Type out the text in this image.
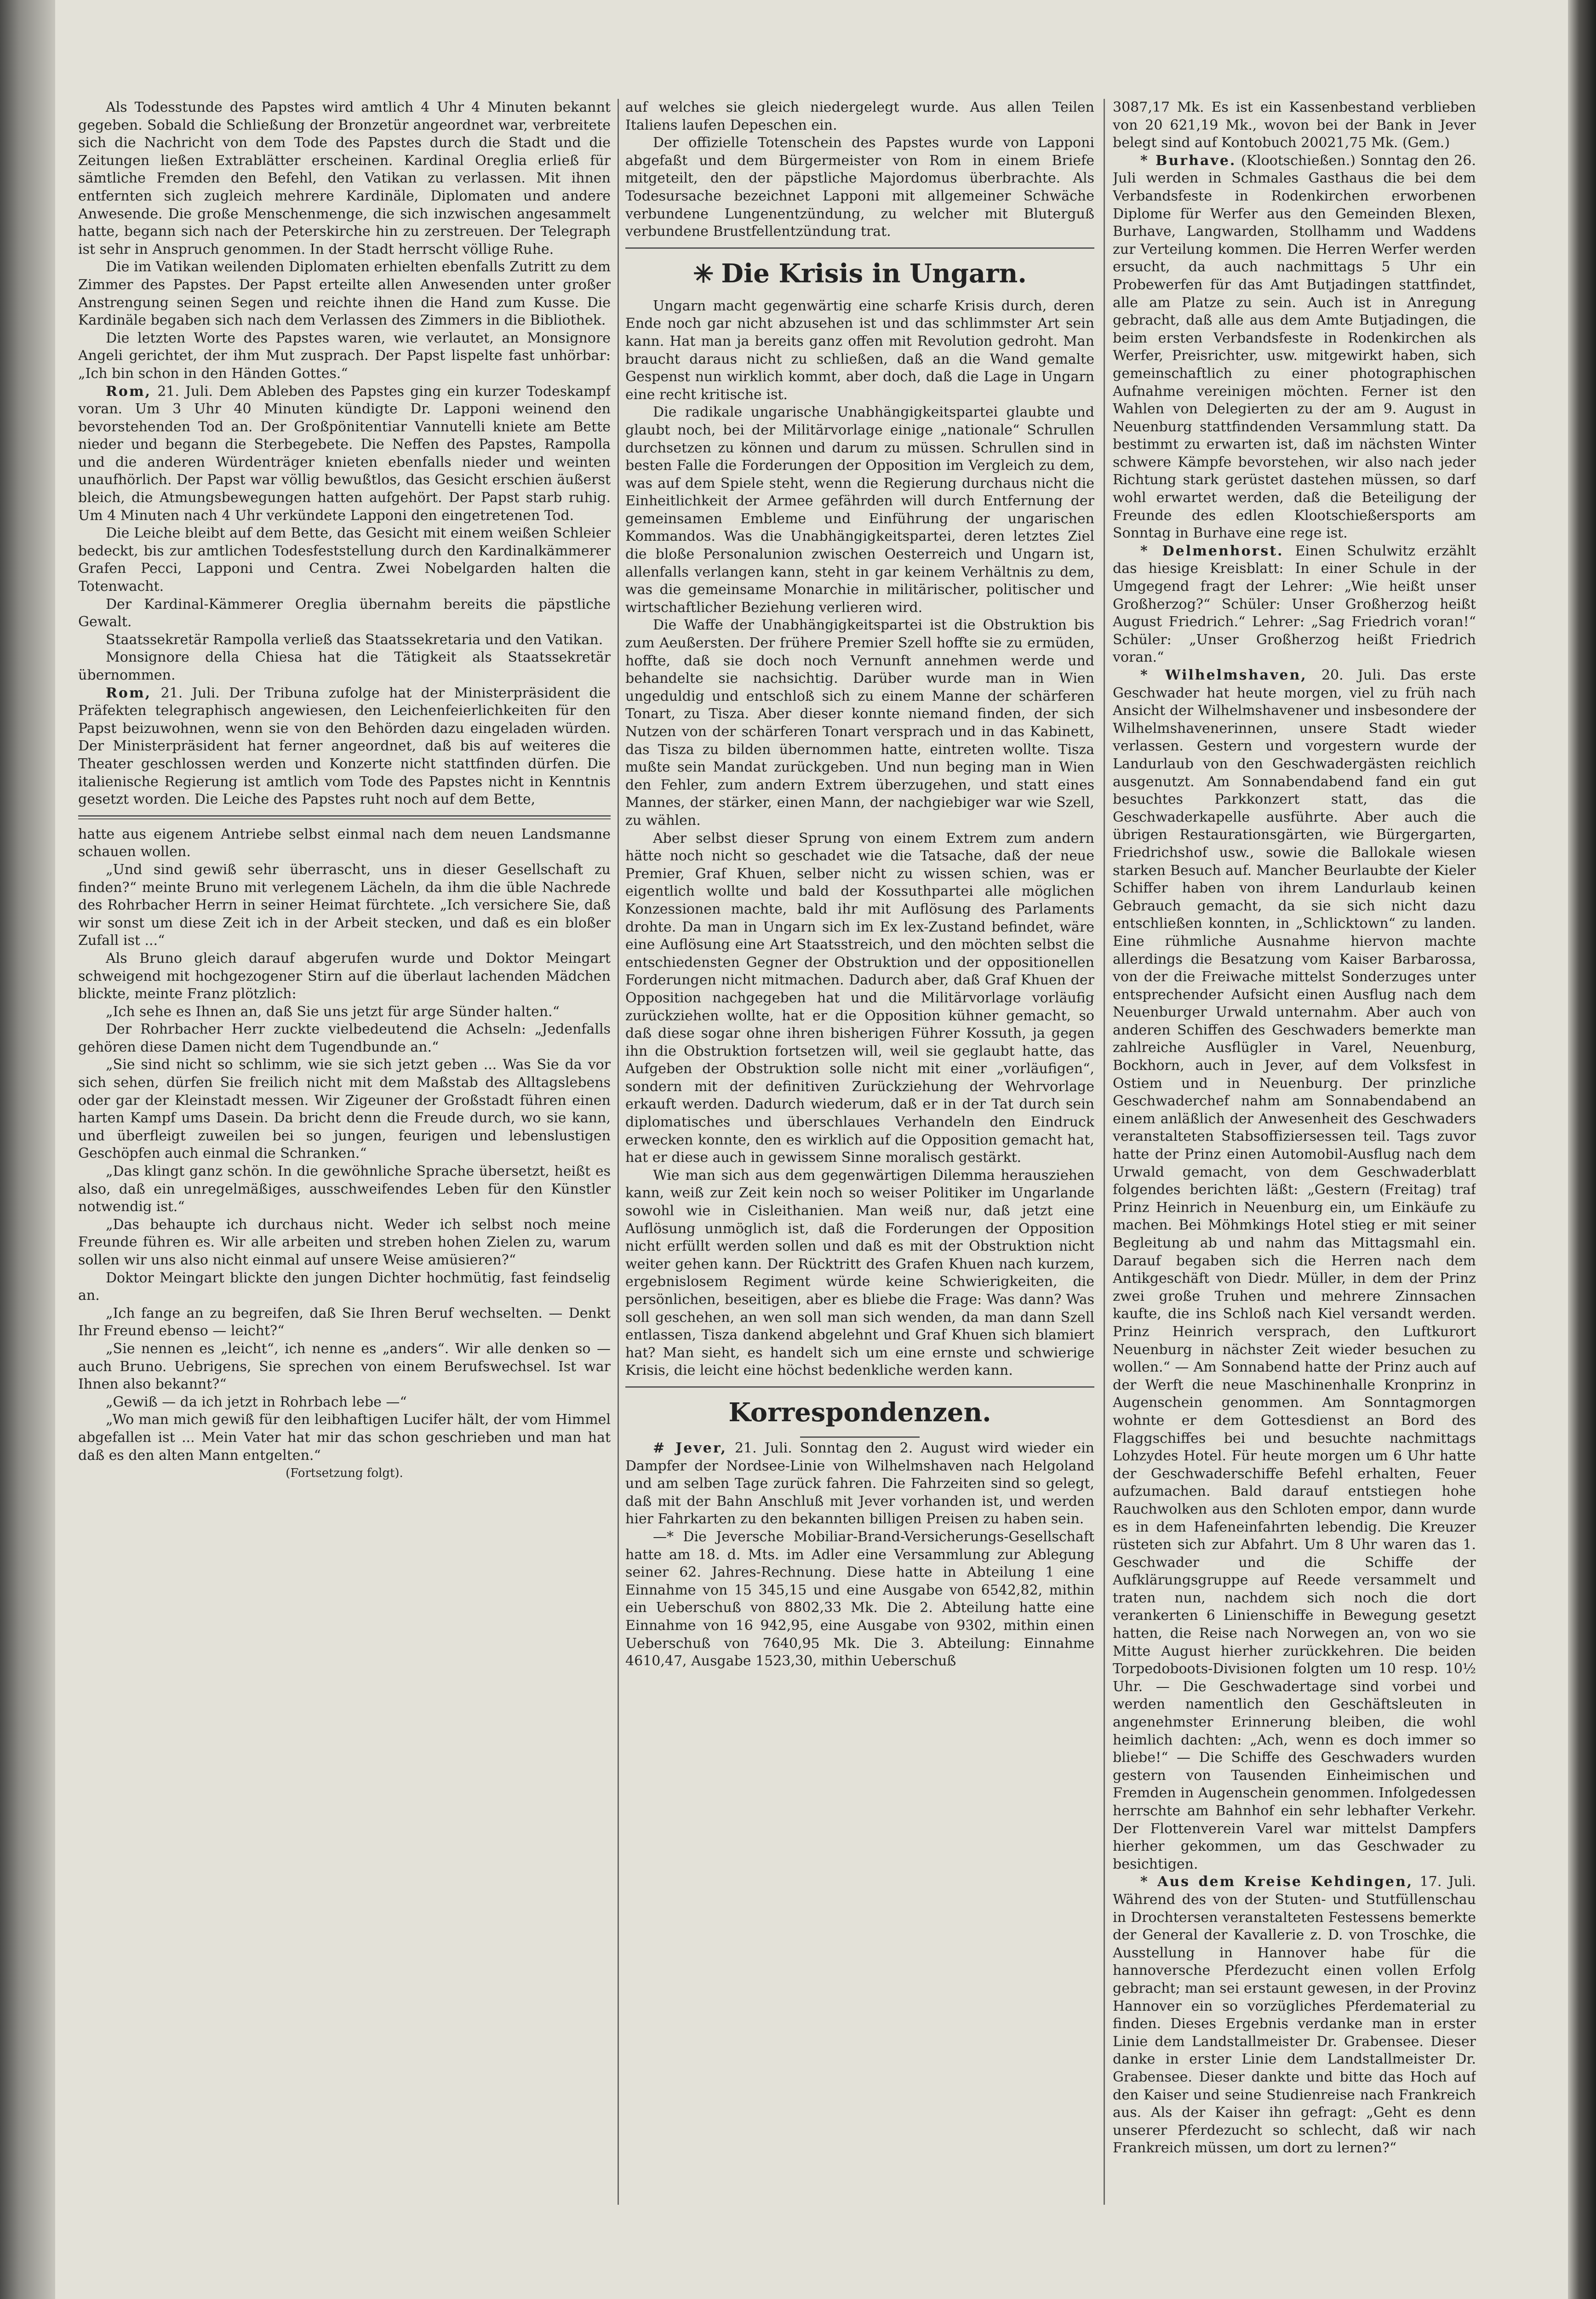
Als Todesstunde des Papstes wird amtlich 4 Uhr 4 Minuten bekannt gegeben. Sobald die Schließung der Bronzetür angeordnet war, verbreitete sich die Nachricht von dem Tode des Papstes durch die Stadt und die Zeitungen ließen Extrablätter erscheinen. Kardinal Oreglia erließ für sämtliche Fremden den Befehl, den Vatikan zu verlassen. Mit ihnen entfernten sich zugleich mehrere Kardinäle, Diplomaten und andere Anwesende. Die große Menschenmenge, die sich inzwischen angesammelt hatte, begann sich nach der Peterskirche hin zu zerstreuen. Der Telegraph ist sehr in Anspruch genommen. In der Stadt herrscht völlige Ruhe.

Die im Vatikan weilenden Diplomaten erhielten ebenfalls Zutritt zu dem Zimmer des Papstes. Der Papst erteilte allen Anwesenden unter großer Anstrengung seinen Segen und reichte ihnen die Hand zum Kusse. Die Kardinäle begaben sich nach dem Verlassen des Zimmers in die Bibliothek.

Die letzten Worte des Papstes waren, wie verlautet, an Monsignore Angeli gerichtet, der ihm Mut zusprach. Der Papst lispelte fast unhörbar: „Ich bin schon in den Händen Gottes.“

Rom, 21. Juli. Dem Ableben des Papstes ging ein kurzer Todeskampf voran. Um 3 Uhr 40 Minuten kündigte Dr. Lapponi weinend den bevorstehenden Tod an. Der Großpönitentiar Vannutelli kniete am Bette nieder und begann die Sterbegebete. Die Neffen des Papstes, Rampolla und die anderen Würdenträger knieten ebenfalls nieder und weinten unaufhörlich. Der Papst war völlig bewußtlos, das Gesicht erschien äußerst bleich, die Atmungsbewegungen hatten aufgehört. Der Papst starb ruhig. Um 4 Minuten nach 4 Uhr verkündete Lapponi den eingetretenen Tod.

Die Leiche bleibt auf dem Bette, das Gesicht mit einem weißen Schleier bedeckt, bis zur amtlichen Todesfeststellung durch den Kardinalkämmerer Grafen Pecci, Lapponi und Centra. Zwei Nobelgarden halten die Totenwacht.

Der Kardinal-Kämmerer Oreglia übernahm bereits die päpstliche Gewalt.

Staatssekretär Rampolla verließ das Staatssekretaria und den Vatikan.

Monsignore della Chiesa hat die Tätigkeit als Staatssekretär übernommen.

Rom, 21. Juli. Der Tribuna zufolge hat der Ministerpräsident die Präfekten telegraphisch angewiesen, den Leichenfeierlichkeiten für den Papst beizuwohnen, wenn sie von den Behörden dazu eingeladen würden. Der Ministerpräsident hat ferner angeordnet, daß bis auf weiteres die Theater geschlossen werden und Konzerte nicht stattfinden dürfen. Die italienische Regierung ist amtlich vom Tode des Papstes nicht in Kenntnis gesetzt worden. Die Leiche des Papstes ruht noch auf dem Bette,

hatte aus eigenem Antriebe selbst einmal nach dem neuen Landsmanne schauen wollen.

„Und sind gewiß sehr überrascht, uns in dieser Gesellschaft zu finden?“ meinte Bruno mit verlegenem Lächeln, da ihm die üble Nachrede des Rohrbacher Herrn in seiner Heimat fürchtete. „Ich versichere Sie, daß wir sonst um diese Zeit ich in der Arbeit stecken, und daß es ein bloßer Zufall ist ...“

Als Bruno gleich darauf abgerufen wurde und Doktor Meingart schweigend mit hochgezogener Stirn auf die überlaut lachenden Mädchen blickte, meinte Franz plötzlich:

„Ich sehe es Ihnen an, daß Sie uns jetzt für arge Sünder halten.“

Der Rohrbacher Herr zuckte vielbedeutend die Achseln: „Jedenfalls gehören diese Damen nicht dem Tugendbunde an.“

„Sie sind nicht so schlimm, wie sie sich jetzt geben ... Was Sie da vor sich sehen, dürfen Sie freilich nicht mit dem Maßstab des Alltagslebens oder gar der Kleinstadt messen. Wir Zigeuner der Großstadt führen einen harten Kampf ums Dasein. Da bricht denn die Freude durch, wo sie kann, und überfleigt zuweilen bei so jungen, feurigen und lebenslustigen Geschöpfen auch einmal die Schranken.“

„Das klingt ganz schön. In die gewöhnliche Sprache übersetzt, heißt es also, daß ein unregelmäßiges, ausschweifendes Leben für den Künstler notwendig ist.“

„Das behaupte ich durchaus nicht. Weder ich selbst noch meine Freunde führen es. Wir alle arbeiten und streben hohen Zielen zu, warum sollen wir uns also nicht einmal auf unsere Weise amüsieren?“

Doktor Meingart blickte den jungen Dichter hochmütig, fast feindselig an.

„Ich fange an zu begreifen, daß Sie Ihren Beruf wechselten. — Denkt Ihr Freund ebenso — leicht?“

„Sie nennen es „leicht“, ich nenne es „anders“. Wir alle denken so — auch Bruno. Uebrigens, Sie sprechen von einem Berufswechsel. Ist war Ihnen also bekannt?“

„Gewiß — da ich jetzt in Rohrbach lebe —“

„Wo man mich gewiß für den leibhaftigen Lucifer hält, der vom Himmel abgefallen ist ... Mein Vater hat mir das schon geschrieben und man hat daß es den alten Mann entgelten.“

(Fortsetzung folgt).

auf welches sie gleich niedergelegt wurde. Aus allen Teilen Italiens laufen Depeschen ein.

Der offizielle Totenschein des Papstes wurde von Lapponi abgefaßt und dem Bürgermeister von Rom in einem Briefe mitgeteilt, den der päpstliche Majordomus überbrachte. Als Todesursache bezeichnet Lapponi mit allgemeiner Schwäche verbundene Lungenentzündung, zu welcher mit Bluterguß verbundene Brustfellentzündung trat.

✳ Die Krisis in Ungarn.

Ungarn macht gegenwärtig eine scharfe Krisis durch, deren Ende noch gar nicht abzusehen ist und das schlimmster Art sein kann. Hat man ja bereits ganz offen mit Revolution gedroht. Man braucht daraus nicht zu schließen, daß an die Wand gemalte Gespenst nun wirklich kommt, aber doch, daß die Lage in Ungarn eine recht kritische ist.

Die radikale ungarische Unabhängigkeitspartei glaubte und glaubt noch, bei der Militärvorlage einige „nationale“ Schrullen durchsetzen zu können und darum zu müssen. Schrullen sind in besten Falle die Forderungen der Opposition im Vergleich zu dem, was auf dem Spiele steht, wenn die Regierung durchaus nicht die Einheitlichkeit der Armee gefährden will durch Entfernung der gemeinsamen Embleme und Einführung der ungarischen Kommandos. Was die Unabhängigkeitspartei, deren letztes Ziel die bloße Personalunion zwischen Oesterreich und Ungarn ist, allenfalls verlangen kann, steht in gar keinem Verhältnis zu dem, was die gemeinsame Monarchie in militärischer, politischer und wirtschaftlicher Beziehung verlieren wird.

Die Waffe der Unabhängigkeitspartei ist die Obstruktion bis zum Aeußersten. Der frühere Premier Szell hoffte sie zu ermüden, hoffte, daß sie doch noch Vernunft annehmen werde und behandelte sie nachsichtig. Darüber wurde man in Wien ungeduldig und entschloß sich zu einem Manne der schärferen Tonart, zu Tisza. Aber dieser konnte niemand finden, der sich Nutzen von der schärferen Tonart versprach und in das Kabinett, das Tisza zu bilden übernommen hatte, eintreten wollte. Tisza mußte sein Mandat zurückgeben. Und nun beging man in Wien den Fehler, zum andern Extrem überzugehen, und statt eines Mannes, der stärker, einen Mann, der nachgiebiger war wie Szell, zu wählen.

Aber selbst dieser Sprung von einem Extrem zum andern hätte noch nicht so geschadet wie die Tatsache, daß der neue Premier, Graf Khuen, selber nicht zu wissen schien, was er eigentlich wollte und bald der Kossuthpartei alle möglichen Konzessionen machte, bald ihr mit Auflösung des Parlaments drohte. Da man in Ungarn sich im Ex lex-Zustand befindet, wäre eine Auflösung eine Art Staatsstreich, und den möchten selbst die entschiedensten Gegner der Obstruktion und der oppositionellen Forderungen nicht mitmachen. Dadurch aber, daß Graf Khuen der Opposition nachgegeben hat und die Militärvorlage vorläufig zurückziehen wollte, hat er die Opposition kühner gemacht, so daß diese sogar ohne ihren bisherigen Führer Kossuth, ja gegen ihn die Obstruktion fortsetzen will, weil sie geglaubt hatte, das Aufgeben der Obstruktion solle nicht mit einer „vorläufigen“, sondern mit der definitiven Zurückziehung der Wehrvorlage erkauft werden. Dadurch wiederum, daß er in der Tat durch sein diplomatisches und überschlaues Verhandeln den Eindruck erwecken konnte, den es wirklich auf die Opposition gemacht hat, hat er diese auch in gewissem Sinne moralisch gestärkt.

Wie man sich aus dem gegenwärtigen Dilemma herausziehen kann, weiß zur Zeit kein noch so weiser Politiker im Ungarlande sowohl wie in Cisleithanien. Man weiß nur, daß jetzt eine Auflösung unmöglich ist, daß die Forderungen der Opposition nicht erfüllt werden sollen und daß es mit der Obstruktion nicht weiter gehen kann. Der Rücktritt des Grafen Khuen nach kurzem, ergebnislosem Regiment würde keine Schwierigkeiten, die persönlichen, beseitigen, aber es bliebe die Frage: Was dann? Was soll geschehen, an wen soll man sich wenden, da man dann Szell entlassen, Tisza dankend abgelehnt und Graf Khuen sich blamiert hat? Man sieht, es handelt sich um eine ernste und schwierige Krisis, die leicht eine höchst bedenkliche werden kann.

Korrespondenzen.

# Jever, 21. Juli. Sonntag den 2. August wird wieder ein Dampfer der Nordsee-Linie von Wilhelmshaven nach Helgoland und am selben Tage zurück fahren. Die Fahrzeiten sind so gelegt, daß mit der Bahn Anschluß mit Jever vorhanden ist, und werden hier Fahrkarten zu den bekannten billigen Preisen zu haben sein.

—* Die Jeversche Mobiliar-Brand-Versicherungs-Gesellschaft hatte am 18. d. Mts. im Adler eine Versammlung zur Ablegung seiner 62. Jahres-Rechnung. Diese hatte in Abteilung 1 eine Einnahme von 15 345,15 und eine Ausgabe von 6542,82, mithin ein Ueberschuß von 8802,33 Mk. Die 2. Abteilung hatte eine Einnahme von 16 942,95, eine Ausgabe von 9302, mithin einen Ueberschuß von 7640,95 Mk. Die 3. Abteilung: Einnahme 4610,47, Ausgabe 1523,30, mithin Ueberschuß

3087,17 Mk. Es ist ein Kassenbestand verblieben von 20 621,19 Mk., wovon bei der Bank in Jever belegt sind auf Kontobuch 20021,75 Mk. (Gem.)

* Burhave. (Klootschießen.) Sonntag den 26. Juli werden in Schmales Gasthaus die bei dem Verbandsfeste in Rodenkirchen erworbenen Diplome für Werfer aus den Gemeinden Blexen, Burhave, Langwarden, Stollhamm und Waddens zur Verteilung kommen. Die Herren Werfer werden ersucht, da auch nachmittags 5 Uhr ein Probewerfen für das Amt Butjadingen stattfindet, alle am Platze zu sein. Auch ist in Anregung gebracht, daß alle aus dem Amte Butjadingen, die beim ersten Verbandsfeste in Rodenkirchen als Werfer, Preisrichter, usw. mitgewirkt haben, sich gemeinschaftlich zu einer photographischen Aufnahme vereinigen möchten. Ferner ist den Wahlen von Delegierten zu der am 9. August in Neuenburg stattfindenden Versammlung statt. Da bestimmt zu erwarten ist, daß im nächsten Winter schwere Kämpfe bevorstehen, wir also nach jeder Richtung stark gerüstet dastehen müssen, so darf wohl erwartet werden, daß die Beteiligung der Freunde des edlen Klootschießersports am Sonntag in Burhave eine rege ist.

* Delmenhorst. Einen Schulwitz erzählt das hiesige Kreisblatt: In einer Schule in der Umgegend fragt der Lehrer: „Wie heißt unser Großherzog?“ Schüler: Unser Großherzog heißt August Friedrich.“ Lehrer: „Sag Friedrich voran!“ Schüler: „Unser Großherzog heißt Friedrich voran.“

* Wilhelmshaven, 20. Juli. Das erste Geschwader hat heute morgen, viel zu früh nach Ansicht der Wilhelmshavener und insbesondere der Wilhelmshavenerinnen, unsere Stadt wieder verlassen. Gestern und vorgestern wurde der Landurlaub von den Geschwadergästen reichlich ausgenutzt. Am Sonnabendabend fand ein gut besuchtes Parkkonzert statt, das die Geschwaderkapelle ausführte. Aber auch die übrigen Restaurationsgärten, wie Bürgergarten, Friedrichshof usw., sowie die Ballokale wiesen starken Besuch auf. Mancher Beurlaubte der Kieler Schiffer haben von ihrem Landurlaub keinen Gebrauch gemacht, da sie sich nicht dazu entschließen konnten, in „Schlicktown“ zu landen. Eine rühmliche Ausnahme hiervon machte allerdings die Besatzung vom Kaiser Barbarossa, von der die Freiwache mittelst Sonderzuges unter entsprechender Aufsicht einen Ausflug nach dem Neuenburger Urwald unternahm. Aber auch von anderen Schiffen des Geschwaders bemerkte man zahlreiche Ausflügler in Varel, Neuenburg, Bockhorn, auch in Jever, auf dem Volksfest in Ostiem und in Neuenburg. Der prinzliche Geschwaderchef nahm am Sonnabendabend an einem anläßlich der Anwesenheit des Geschwaders veranstalteten Stabsoffiziersessen teil. Tags zuvor hatte der Prinz einen Automobil-Ausflug nach dem Urwald gemacht, von dem Geschwaderblatt folgendes berichten läßt: „Gestern (Freitag) traf Prinz Heinrich in Neuenburg ein, um Einkäufe zu machen. Bei Möhmkings Hotel stieg er mit seiner Begleitung ab und nahm das Mittagsmahl ein. Darauf begaben sich die Herren nach dem Antikgeschäft von Diedr. Müller, in dem der Prinz zwei große Truhen und mehrere Zinnsachen kaufte, die ins Schloß nach Kiel versandt werden. Prinz Heinrich versprach, den Luftkurort Neuenburg in nächster Zeit wieder besuchen zu wollen.“ — Am Sonnabend hatte der Prinz auch auf der Werft die neue Maschinenhalle Kronprinz in Augenschein genommen. Am Sonntagmorgen wohnte er dem Gottesdienst an Bord des Flaggschiffes bei und besuchte nachmittags Lohzydes Hotel. Für heute morgen um 6 Uhr hatte der Geschwaderschiffe Befehl erhalten, Feuer aufzumachen. Bald darauf entstiegen hohe Rauchwolken aus den Schloten empor, dann wurde es in dem Hafeneinfahrten lebendig. Die Kreuzer rüsteten sich zur Abfahrt. Um 8 Uhr waren das 1. Geschwader und die Schiffe der Aufklärungsgruppe auf Reede versammelt und traten nun, nachdem sich noch die dort verankerten 6 Linienschiffe in Bewegung gesetzt hatten, die Reise nach Norwegen an, von wo sie Mitte August hierher zurückkehren. Die beiden Torpedoboots-Divisionen folgten um 10 resp. 10½ Uhr. — Die Geschwadertage sind vorbei und werden namentlich den Geschäftsleuten in angenehmster Erinnerung bleiben, die wohl heimlich dachten: „Ach, wenn es doch immer so bliebe!“ — Die Schiffe des Geschwaders wurden gestern von Tausenden Einheimischen und Fremden in Augenschein genommen. Infolgedessen herrschte am Bahnhof ein sehr lebhafter Verkehr. Der Flottenverein Varel war mittelst Dampfers hierher gekommen, um das Geschwader zu besichtigen.

* Aus dem Kreise Kehdingen, 17. Juli. Während des von der Stuten- und Stutfüllenschau in Drochtersen veranstalteten Festessens bemerkte der General der Kavallerie z. D. von Troschke, die Ausstellung in Hannover habe für die hannoversche Pferdezucht einen vollen Erfolg gebracht; man sei erstaunt gewesen, in der Provinz Hannover ein so vorzügliches Pferdematerial zu finden. Dieses Ergebnis verdanke man in erster Linie dem Landstallmeister Dr. Grabensee. Dieser danke in erster Linie dem Landstallmeister Dr. Grabensee. Dieser dankte und bitte das Hoch auf den Kaiser und seine Studienreise nach Frankreich aus. Als der Kaiser ihn gefragt: „Geht es denn unserer Pferdezucht so schlecht, daß wir nach Frankreich müssen, um dort zu lernen?“
